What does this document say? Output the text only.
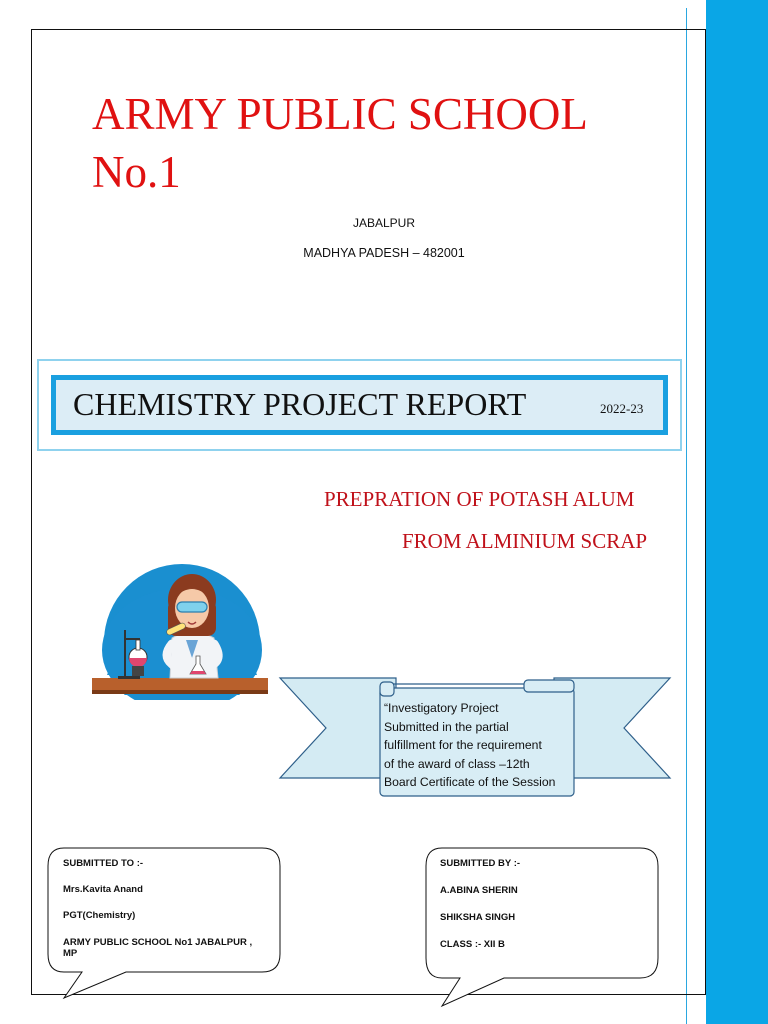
ARMY PUBLIC SCHOOL
No.1
JABALPUR
MADHYA PADESH – 482001
CHEMISTRY PROJECT REPORT	2022-23
PREPRATION OF POTASH ALUM
FROM ALMINIUM SCRAP
“Investigatory Project
Submitted in the partial
fulfillment for the requirement
of the award of class –12th
Board Certificate of the Session
SUBMITTED TO :-
Mrs.Kavita Anand
PGT(Chemistry)
ARMY PUBLIC SCHOOL No1 JABALPUR ,
MP
SUBMITTED BY :-
A.ABINA SHERIN
SHIKSHA SINGH
CLASS :- XII B
